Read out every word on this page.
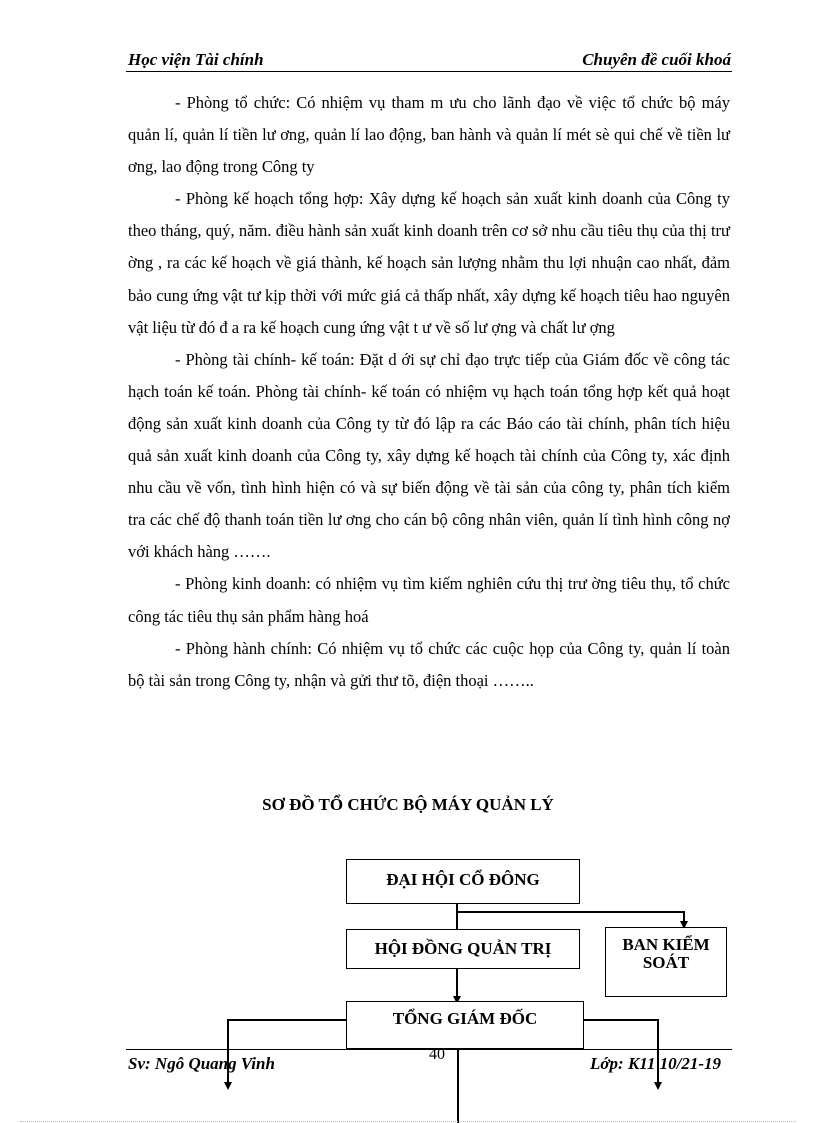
Học viện Tài chính	Chuyên đề cuối khoá

- Phòng tổ chức: Có nhiệm vụ tham m ưu cho lãnh đạo về việc tổ chức bộ máy quản lí, quản lí tiền lư ơng, quản lí lao động, ban hành và quản lí mét sè qui chế về tiền lư ơng, lao động trong Công ty

- Phòng kế hoạch tổng hợp: Xây dựng kế hoạch sản xuất kinh doanh của Công ty theo tháng, quý, năm. điều hành sản xuất kinh doanh trên cơ sở nhu cầu tiêu thụ của thị trư ờng , ra các kế hoạch về giá thành, kế hoạch sản lượng nhằm thu lợi nhuận cao nhất, đảm bảo cung ứng vật tư kịp thời với mức giá cả thấp nhất, xây dựng kế hoạch tiêu hao nguyên vật liệu từ đó đ a ra kế hoạch cung ứng vật t ư về số lư ợng và chất lư ợng

- Phòng tài chính- kế toán: Đặt d ới sự chỉ đạo trực tiếp của Giám đốc về công tác hạch toán kế toán. Phòng tài chính- kế toán có nhiệm vụ hạch toán tổng hợp kết quả hoạt động sản xuất kinh doanh của Công ty từ đó lập ra các Báo cáo tài chính, phân tích hiệu quả sản xuất kinh doanh của Công ty, xây dựng kế hoạch tài chính của Công ty, xác định nhu cầu về vốn, tình hình hiện có và sự biến động về tài sản của công ty, phân tích kiểm tra các chế độ thanh toán tiền lư ơng cho cán bộ công nhân viên, quản lí tình hình công nợ với khách hàng …….

- Phòng kinh doanh: có nhiệm vụ tìm kiếm nghiên cứu thị trư ờng tiêu thụ, tổ chức công tác tiêu thụ sản phẩm hàng hoá

- Phòng hành chính: Có nhiệm vụ tổ chức các cuộc họp của Công ty, quản lí toàn bộ tài sản trong Công ty, nhận và gửi thư tõ, điện thoại ……..

SƠ ĐỒ TỔ CHỨC BỘ MÁY QUẢN LÝ
ĐẠI HỘI CỔ ĐÔNG
HỘI ĐỒNG QUẢN TRỊ	BAN KIỂM SOÁT
TỔNG GIÁM ĐỐC
Sv: Ngô Quang Vinh	40	Lớp: K11 10/21-19
